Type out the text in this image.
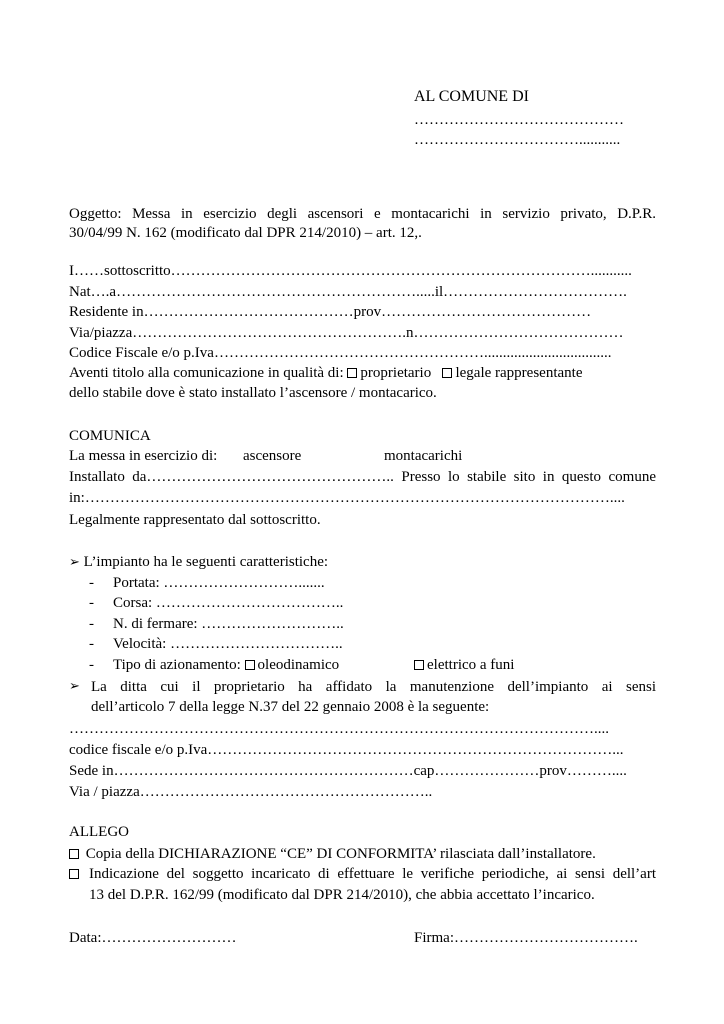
AL COMUNE DI
……………………………………
……………………………...........
Oggetto: Messa in esercizio degli ascensori e montacarichi in servizio privato, D.P.R.
30/04/99 N. 162 (modificato dal DPR 214/2010) – art. 12,.
I……sottoscritto…………………………………………………………………………...........
Nat….a…………………………………………………….....il……………………………….
Residente in……………………………………prov……………………………………
Via/piazza……………………………………………….n……………………………………
Codice Fiscale e/o p.Iva………………………………………………..................................
Aventi titolo alla comunicazione in qualità di: proprietario legale rappresentante
dello stabile dove è stato installato l’ascensore / montacarico.
COMUNICA
La messa in esercizio di: ascensore	montacarichi
Installato da………………………………………….. Presso lo stabile sito in questo comune
in:……………………………………………………………………………………………....
Legalmente rappresentato dal sottoscritto.
➢ L’impianto ha le seguenti caratteristiche:
- Portata: ……………………….......
- Corsa: ………………………………..
- N. di fermare: ………………………..
- Velocità: ……………………………..
- Tipo di azionamento: oleodinamico	elettrico a funi
➢ La ditta cui il proprietario ha affidato la manutenzione dell’impianto ai sensi
dell’articolo 7 della legge N.37 del 22 gennaio 2008 è la seguente:
……………………………………………………………………………………………....
codice fiscale e/o p.Iva………………………………………………………………………...
Sede in……………………………………………………cap…………………prov………....
Via / piazza…………………………………………………..
ALLEGO
Copia della DICHIARAZIONE “CE” DI CONFORMITA’ rilasciata dall’installatore.
Indicazione del soggetto incaricato di effettuare le verifiche periodiche, ai sensi dell’art
13 del D.P.R. 162/99 (modificato dal DPR 214/2010), che abbia accettato l’incarico.
Data:………………………	Firma:……………………………….
